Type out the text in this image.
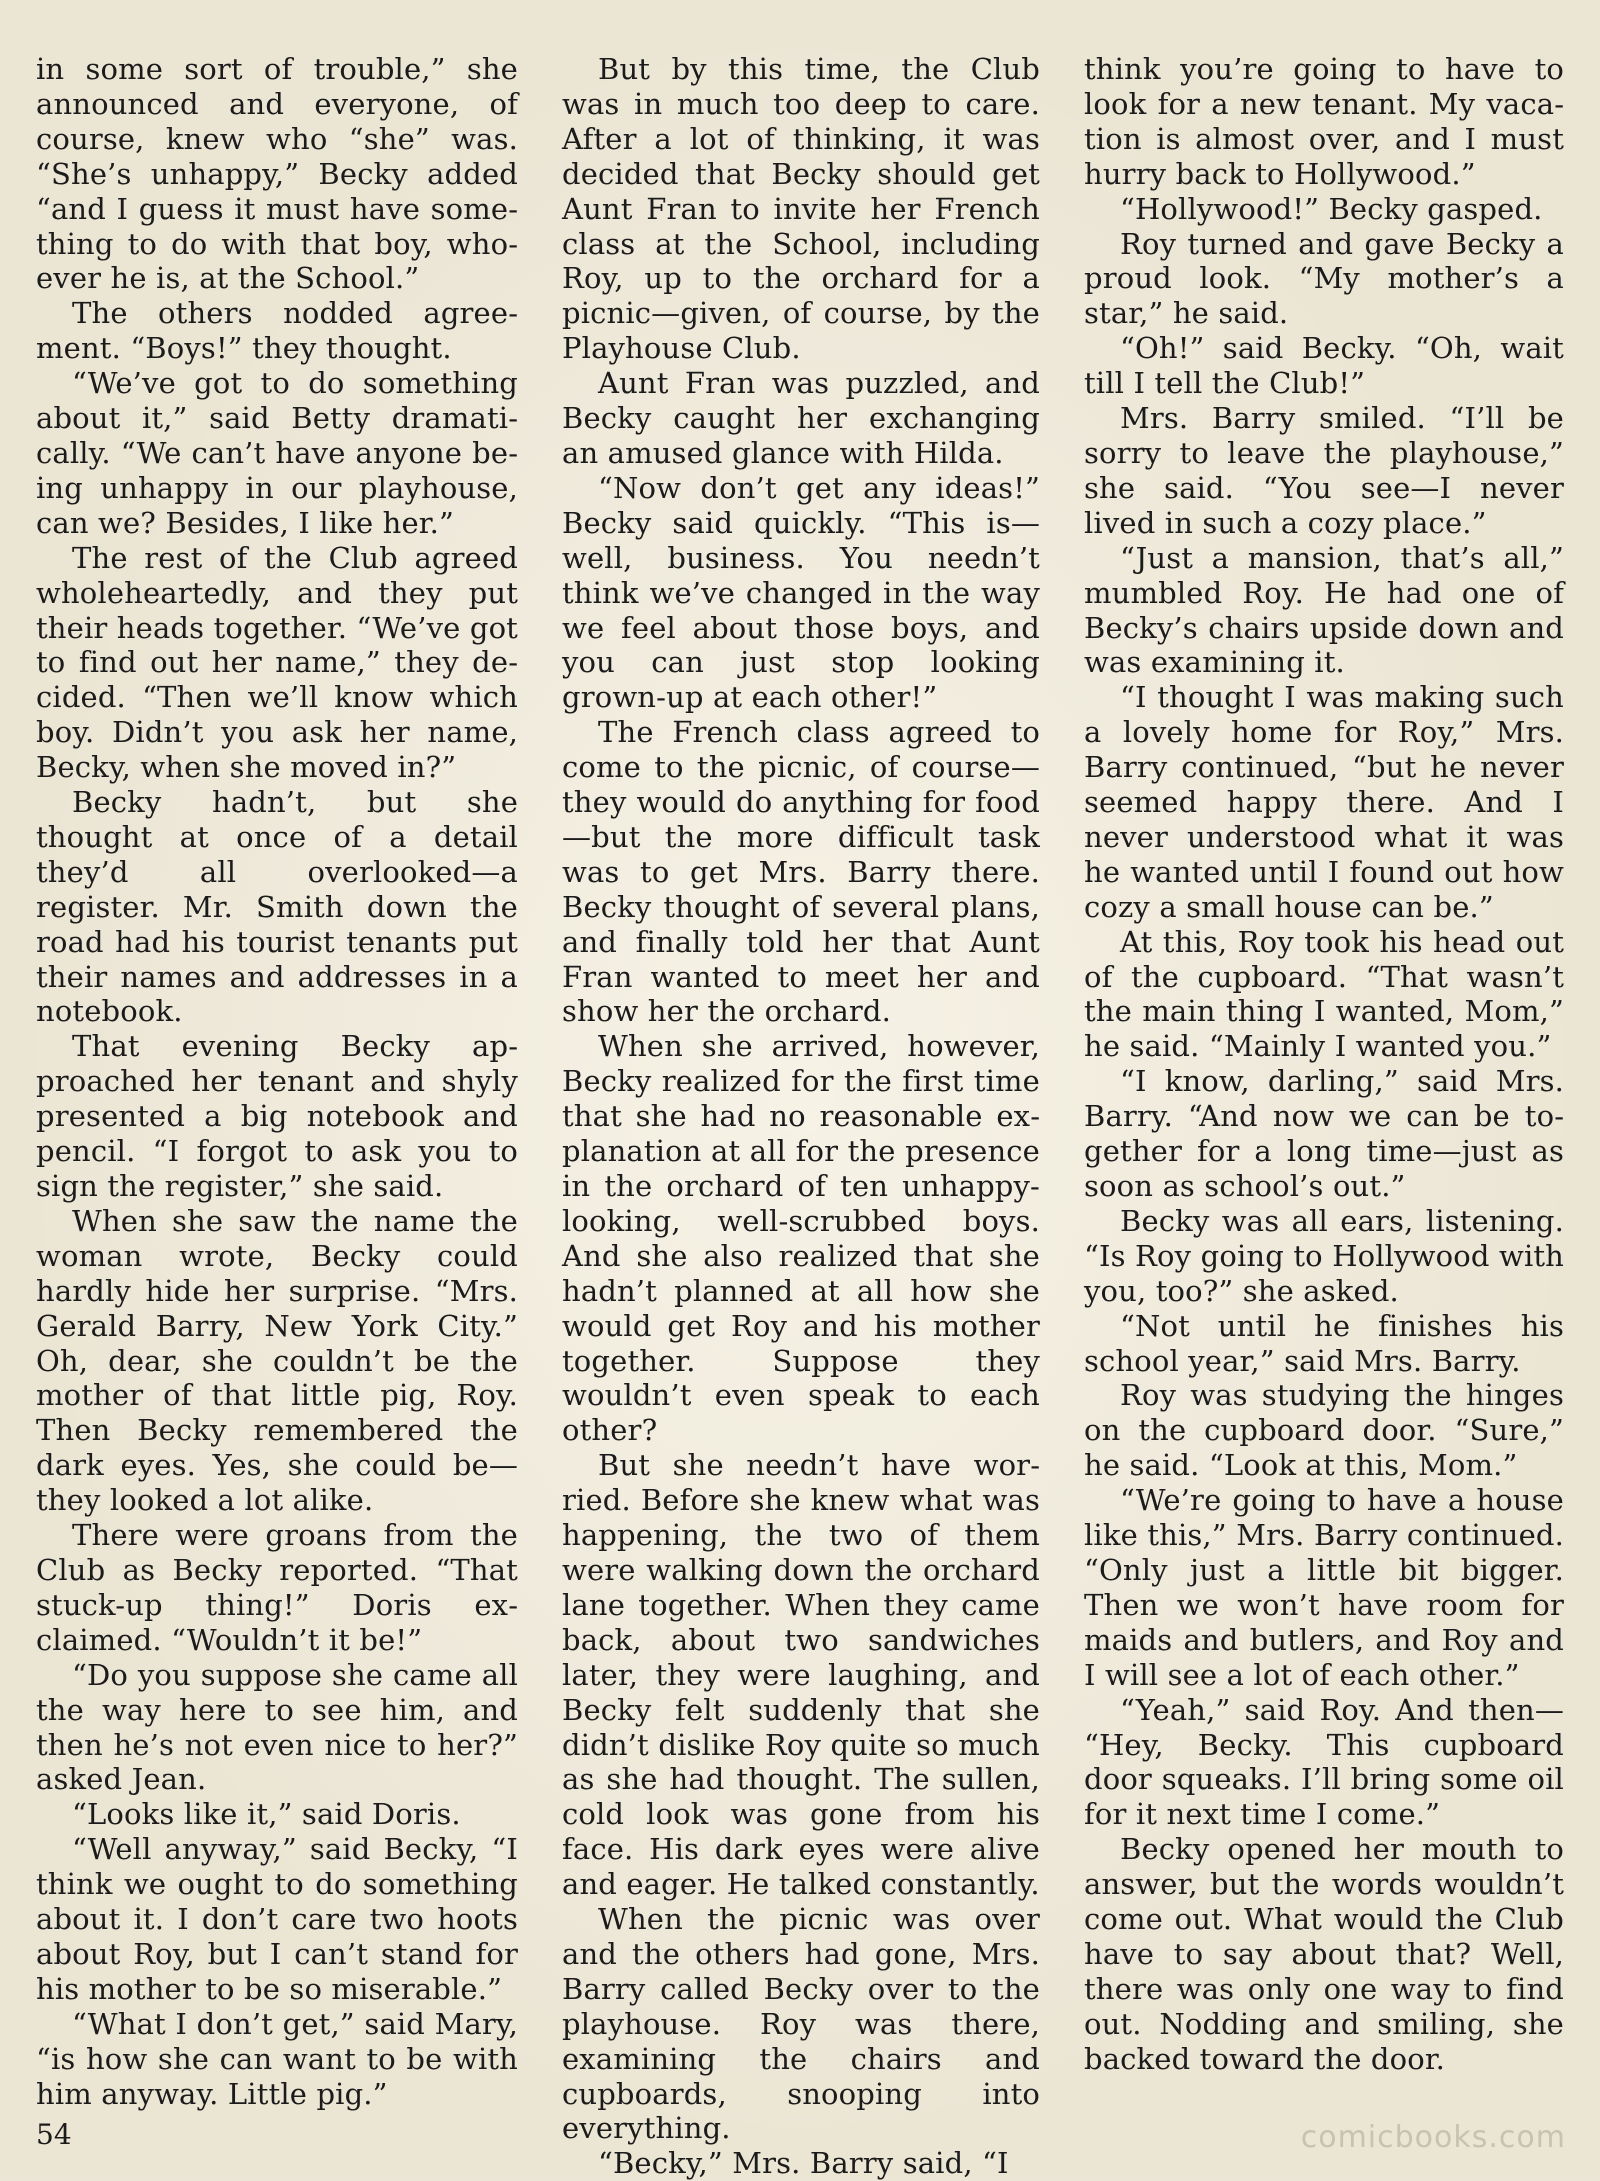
in some sort of trouble,” she announced and everyone, of course, knew who “she” was. “She’s unhappy,” Becky added “and I guess it must have something to do with that boy, whoever he is, at the School.”

The others nodded agreement. “Boys!” they thought.

“We’ve got to do something about it,” said Betty dramatically. “We can’t have anyone being unhappy in our playhouse, can we? Besides, I like her.”

The rest of the Club agreed wholeheartedly, and they put their heads together. “We’ve got to find out her name,” they decided. “Then we’ll know which boy. Didn’t you ask her name, Becky, when she moved in?”

Becky hadn’t, but she thought at once of a detail they’d all overlooked—a register. Mr. Smith down the road had his tourist tenants put their names and addresses in a notebook.

That evening Becky approached her tenant and shyly presented a big notebook and pencil. “I forgot to ask you to sign the register,” she said.

When she saw the name the woman wrote, Becky could hardly hide her surprise. “Mrs. Gerald Barry, New York City.” Oh, dear, she couldn’t be the mother of that little pig, Roy. Then Becky remembered the dark eyes. Yes, she could be— they looked a lot alike.

There were groans from the Club as Becky reported. “That stuck-up thing!” Doris exclaimed. “Wouldn’t it be!”

“Do you suppose she came all the way here to see him, and then he’s not even nice to her?” asked Jean.

“Looks like it,” said Doris.

“Well anyway,” said Becky, “I think we ought to do something about it. I don’t care two hoots about Roy, but I can’t stand for his mother to be so miserable.”

“What I don’t get,” said Mary, “is how she can want to be with him anyway. Little pig.”

But by this time, the Club was in much too deep to care. After a lot of thinking, it was decided that Becky should get Aunt Fran to invite her French class at the School, including Roy, up to the orchard for a picnic—given, of course, by the Playhouse Club.

Aunt Fran was puzzled, and Becky caught her exchanging an amused glance with Hilda.

“Now don’t get any ideas!” Becky said quickly. “This is— well, business. You needn’t think we’ve changed in the way we feel about those boys, and you can just stop looking grown-up at each other!”

The French class agreed to come to the picnic, of course— they would do anything for food—but the more difficult task was to get Mrs. Barry there. Becky thought of several plans, and finally told her that Aunt Fran wanted to meet her and show her the orchard.

When she arrived, however, Becky realized for the first time that she had no reasonable explanation at all for the presence in the orchard of ten unhappy-looking, well-scrubbed boys. And she also realized that she hadn’t planned at all how she would get Roy and his mother together. Suppose they wouldn’t even speak to each other?

But she needn’t have worried. Before she knew what was happening, the two of them were walking down the orchard lane together. When they came back, about two sandwiches later, they were laughing, and Becky felt suddenly that she didn’t dislike Roy quite so much as she had thought. The sullen, cold look was gone from his face. His dark eyes were alive and eager. He talked constantly.

When the picnic was over and the others had gone, Mrs. Barry called Becky over to the playhouse. Roy was there, examining the chairs and cupboards, snooping into everything.

“Becky,” Mrs. Barry said, “I

think you’re going to have to look for a new tenant. My vacation is almost over, and I must hurry back to Hollywood.”

“Hollywood!” Becky gasped.

Roy turned and gave Becky a proud look. “My mother’s a star,” he said.

“Oh!” said Becky. “Oh, wait till I tell the Club!”

Mrs. Barry smiled. “I’ll be sorry to leave the playhouse,” she said. “You see—I never lived in such a cozy place.”

“Just a mansion, that’s all,” mumbled Roy. He had one of Becky’s chairs upside down and was examining it.

“I thought I was making such a lovely home for Roy,” Mrs. Barry continued, “but he never seemed happy there. And I never understood what it was he wanted until I found out how cozy a small house can be.”

At this, Roy took his head out of the cupboard. “That wasn’t the main thing I wanted, Mom,” he said. “Mainly I wanted you.”

“I know, darling,” said Mrs. Barry. “And now we can be together for a long time—just as soon as school’s out.”

Becky was all ears, listening. “Is Roy going to Hollywood with you, too?” she asked.

“Not until he finishes his school year,” said Mrs. Barry.

Roy was studying the hinges on the cupboard door. “Sure,” he said. “Look at this, Mom.”

“We’re going to have a house like this,” Mrs. Barry continued. “Only just a little bit bigger. Then we won’t have room for maids and butlers, and Roy and I will see a lot of each other.”

“Yeah,” said Roy. And then— “Hey, Becky. This cupboard door squeaks. I’ll bring some oil for it next time I come.”

Becky opened her mouth to answer, but the words wouldn’t come out. What would the Club have to say about that? Well, there was only one way to find out. Nodding and smiling, she backed toward the door.

54	comicbooks.com
